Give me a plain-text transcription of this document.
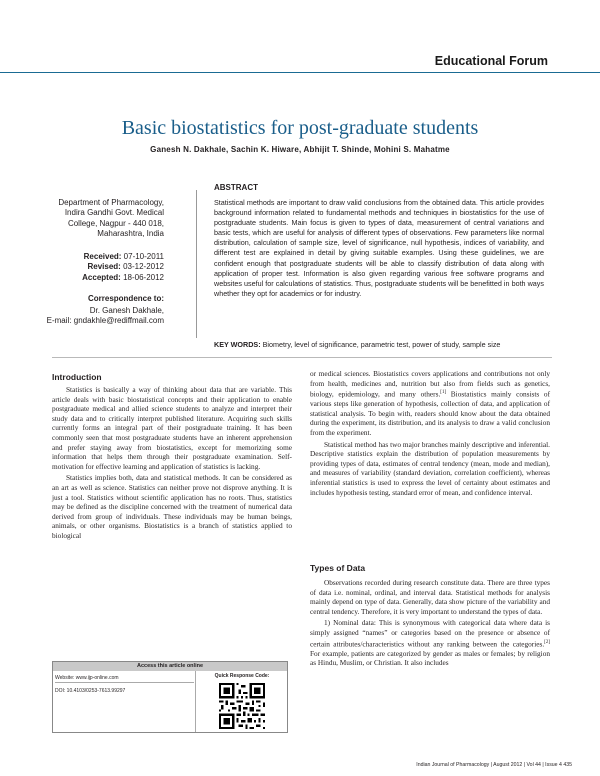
Educational Forum
Basic biostatistics for post-graduate students
Ganesh N. Dakhale, Sachin K. Hiware, Abhijit T. Shinde, Mohini S. Mahatme
Department of Pharmacology,
Indira Gandhi Govt. Medical
College, Nagpur - 440 018,
Maharashtra, India
Received: 07-10-2011
Revised: 03-12-2012
Accepted: 18-06-2012
Correspondence to:
Dr. Ganesh Dakhale,
E-mail: gndakhle@rediffmail.com
ABSTRACT
Statistical methods are important to draw valid conclusions from the obtained data. This article provides background information related to fundamental methods and techniques in biostatistics for the use of postgraduate students. Main focus is given to types of data, measurement of central variations and basic tests, which are useful for analysis of different types of observations. Few parameters like normal distribution, calculation of sample size, level of significance, null hypothesis, indices of variability, and different test are explained in detail by giving suitable examples. Using these guidelines, we are confident enough that postgraduate students will be able to classify distribution of data along with application of proper test. Information is also given regarding various free software programs and websites useful for calculations of statistics. Thus, postgraduate students will be benefitted in both ways whether they opt for academics or for industry.
KEY WORDS: Biometry, level of significance, parametric test, power of study, sample size
Introduction

Statistics is basically a way of thinking about data that are variable. This article deals with basic biostatistical concepts and their application to enable postgraduate medical and allied science students to analyze and interpret their study data and to critically interpret published literature. Acquiring such skills currently forms an integral part of their postgraduate training. It has been commonly seen that most postgraduate students have an inherent apprehension and prefer staying away from biostatistics, except for memorizing some information that helps them through their postgraduate examination. Self-motivation for effective learning and application of statistics is lacking.

Statistics implies both, data and statistical methods. It can be considered as an art as well as science. Statistics can neither prove not disprove anything. It is just a tool. Statistics without scientific application has no roots. Thus, statistics may be defined as the discipline concerned with the treatment of numerical data derived from group of individuals. These individuals may be human beings, animals, or other organisms. Biostatistics is a branch of statistics applied to biological

or medical sciences. Biostatistics covers applications and contributions not only from health, medicines and, nutrition but also from fields such as genetics, biology, epidemiology, and many others.[1] Biostatistics mainly consists of various steps like generation of hypothesis, collection of data, and application of statistical analysis. To begin with, readers should know about the data obtained during the experiment, its distribution, and its analysis to draw a valid conclusion from the experiment.

Statistical method has two major branches mainly descriptive and inferential. Descriptive statistics explain the distribution of population measurements by providing types of data, estimates of central tendency (mean, mode and median), and measures of variability (standard deviation, correlation coefficient), whereas inferential statistics is used to express the level of certainty about estimates and includes hypothesis testing, standard error of mean, and confidence interval.

Types of Data

Observations recorded during research constitute data. There are three types of data i.e. nominal, ordinal, and interval data. Statistical methods for analysis mainly depend on type of data. Generally, data show picture of the variability and central tendency. Therefore, it is very important to understand the types of data.

1) Nominal data: This is synonymous with categorical data where data is simply assigned “names” or categories based on the presence or absence of certain attributes/characteristics without any ranking between the categories.[2] For example, patients are categorized by gender as males or females; by religion as Hindu, Muslim, or Christian. It also includes

Access this article online
Website: www.ijp-online.com
DOI: 10.4103/0253-7613.99297
Quick Response Code:
Indian Journal of Pharmacology | August 2012 | Vol 44 | Issue 4 435
